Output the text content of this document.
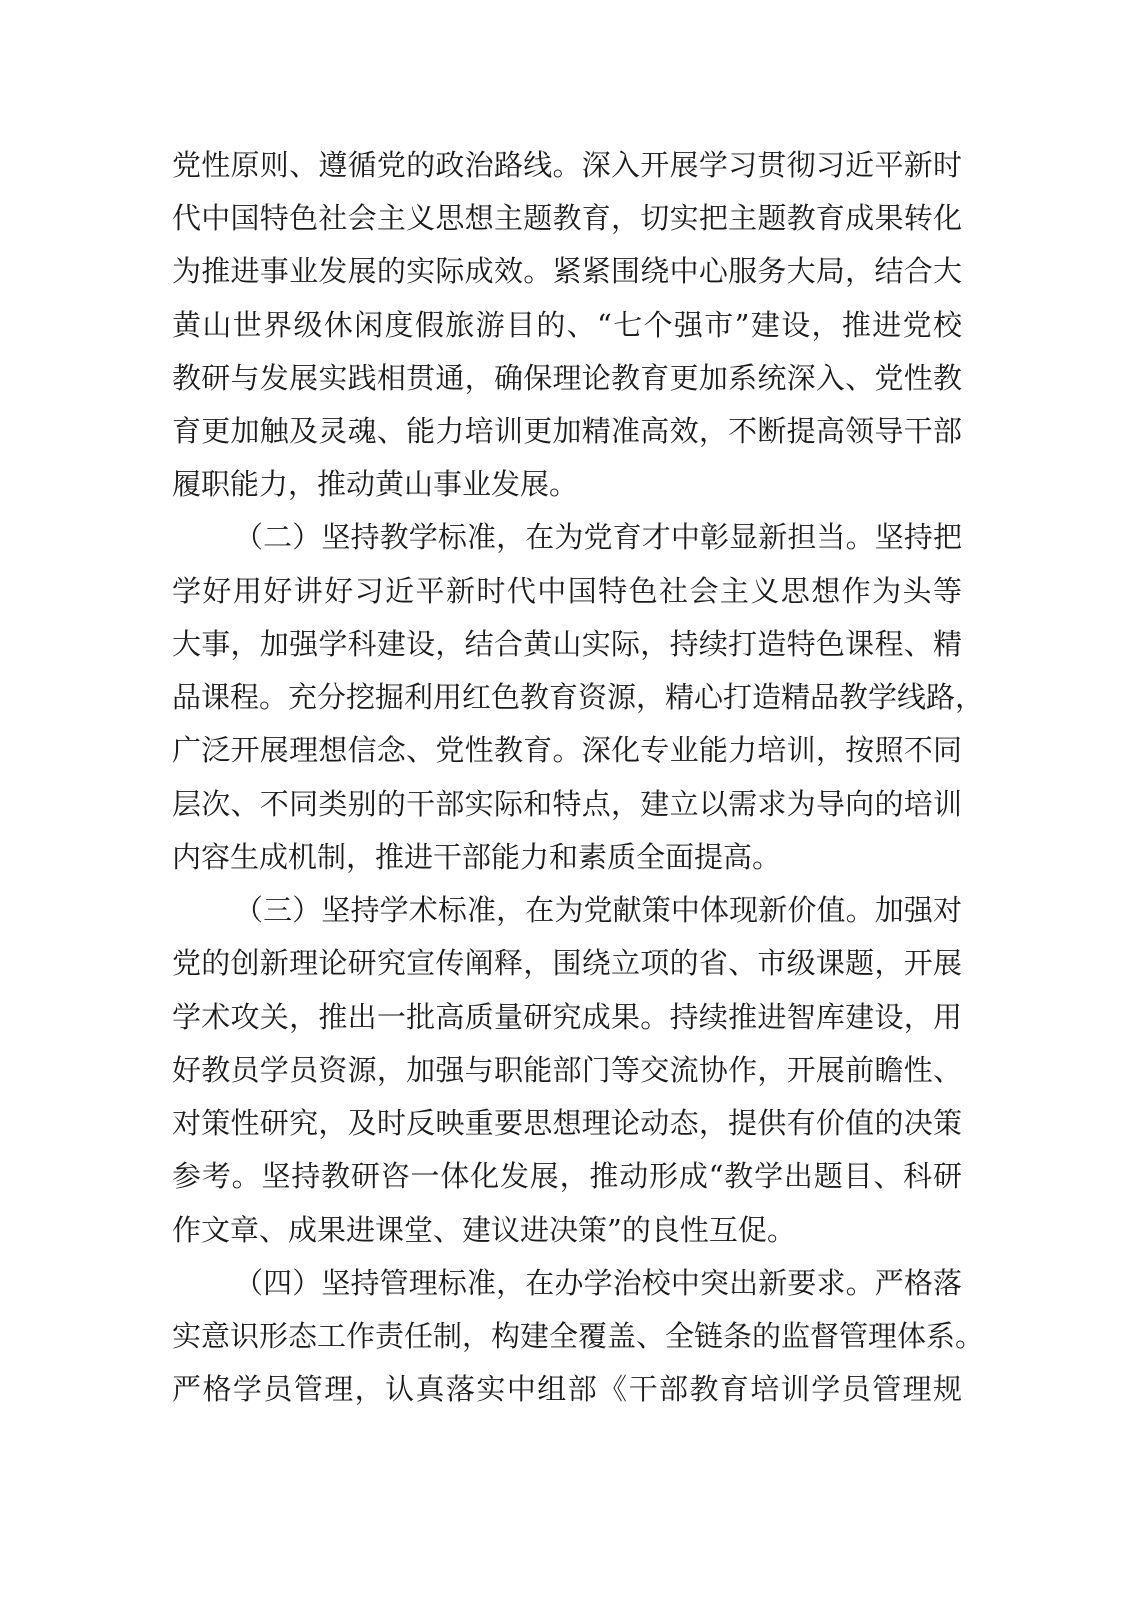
党性原则、遵循党的政治路线。深入开展学习贯彻习近平新时
代中国特色社会主义思想主题教育，切实把主题教育成果转化
为推进事业发展的实际成效。紧紧围绕中心服务大局，结合大
黄山世界级休闲度假旅游目的、“七个强市”建设，推进党校
教研与发展实践相贯通，确保理论教育更加系统深入、党性教
育更加触及灵魂、能力培训更加精准高效，不断提高领导干部
履职能力，推动黄山事业发展。
（二）坚持教学标准，在为党育才中彰显新担当。坚持把
学好用好讲好习近平新时代中国特色社会主义思想作为头等
大事，加强学科建设，结合黄山实际，持续打造特色课程、精
品课程。充分挖掘利用红色教育资源，精心打造精品教学线路，
广泛开展理想信念、党性教育。深化专业能力培训，按照不同
层次、不同类别的干部实际和特点，建立以需求为导向的培训
内容生成机制，推进干部能力和素质全面提高。
（三）坚持学术标准，在为党献策中体现新价值。加强对
党的创新理论研究宣传阐释，围绕立项的省、市级课题，开展
学术攻关，推出一批高质量研究成果。持续推进智库建设，用
好教员学员资源，加强与职能部门等交流协作，开展前瞻性、
对策性研究，及时反映重要思想理论动态，提供有价值的决策
参考。坚持教研咨一体化发展，推动形成“教学出题目、科研
作文章、成果进课堂、建议进决策”的良性互促。
（四）坚持管理标准，在办学治校中突出新要求。严格落
实意识形态工作责任制，构建全覆盖、全链条的监督管理体系。
严格学员管理，认真落实中组部《干部教育培训学员管理规
